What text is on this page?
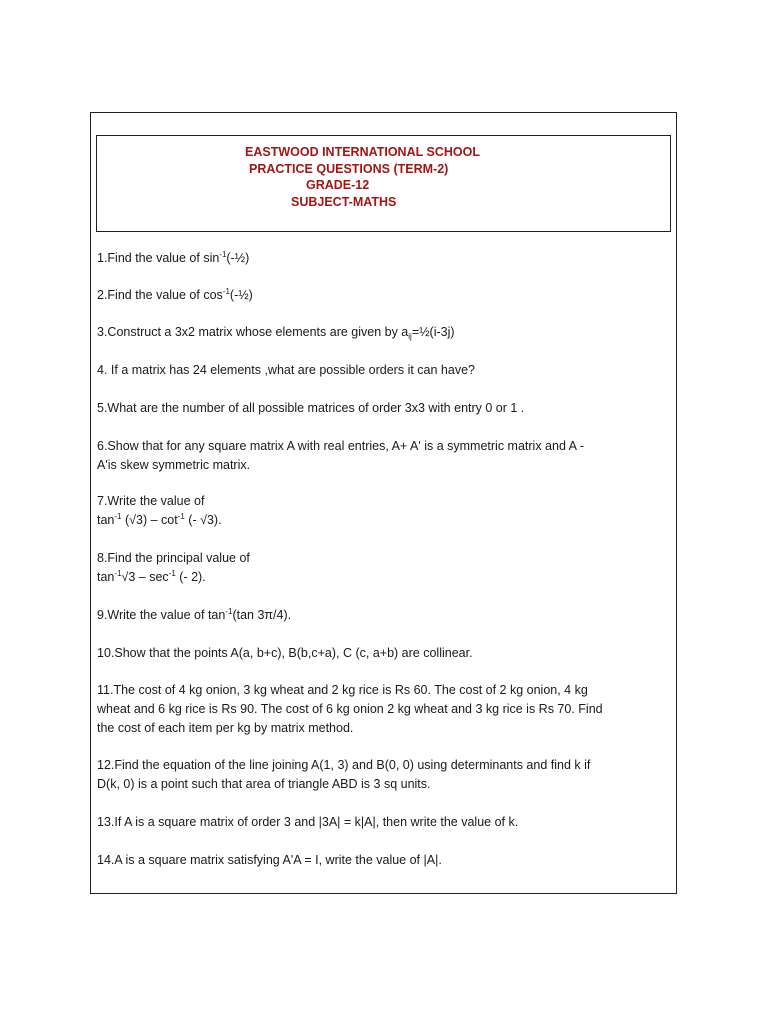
EASTWOOD INTERNATIONAL SCHOOL
PRACTICE QUESTIONS (TERM-2)
GRADE-12
SUBJECT-MATHS
1.Find the value of $\sin^{-1}(-\frac{1}{2})$
2.Find the value of $\cos^{-1}(-\frac{1}{2})$
3.Construct a 3x2 matrix whose elements are given by $a_{ij}=\frac{1}{2}(i-3j)$
4. If a matrix has 24 elements ,what are possible orders it can have?
5.What are the number of all possible matrices of order 3x3 with entry 0 or 1 .
6.Show that for any square matrix A with real entries, A+ A' is a symmetric matrix and A -
A'is skew symmetric matrix.
7.Write the value of
$\tan^{-1} (√3) - \cot^{-1}$ (- √3).
8.Find the principal value of
$\tan^{-1}√3 - \sec^{-1}$ (- 2).
9.Write the value of $\tan^{-1}(\tan$ 3π/4).
10.Show that the points A(a, b+c), B(b,c+a), C (c, a+b) are collinear.
11.The cost of 4 kg onion, 3 kg wheat and 2 kg rice is Rs 60. The cost of 2 kg onion, 4 kg
wheat and 6 kg rice is Rs 90. The cost of 6 kg onion 2 kg wheat and 3 kg rice is Rs 70. Find
the cost of each item per kg by matrix method.
12.Find the equation of the line joining A(1, 3) and B(0, 0) using determinants and find k if
D(k, 0) is a point such that area of triangle ABD is 3 sq units.
13.If A is a square matrix of order 3 and |3A| = k|A|, then write the value of k.
14.A is a square matrix satisfying A'A = I, write the value of |A|.
